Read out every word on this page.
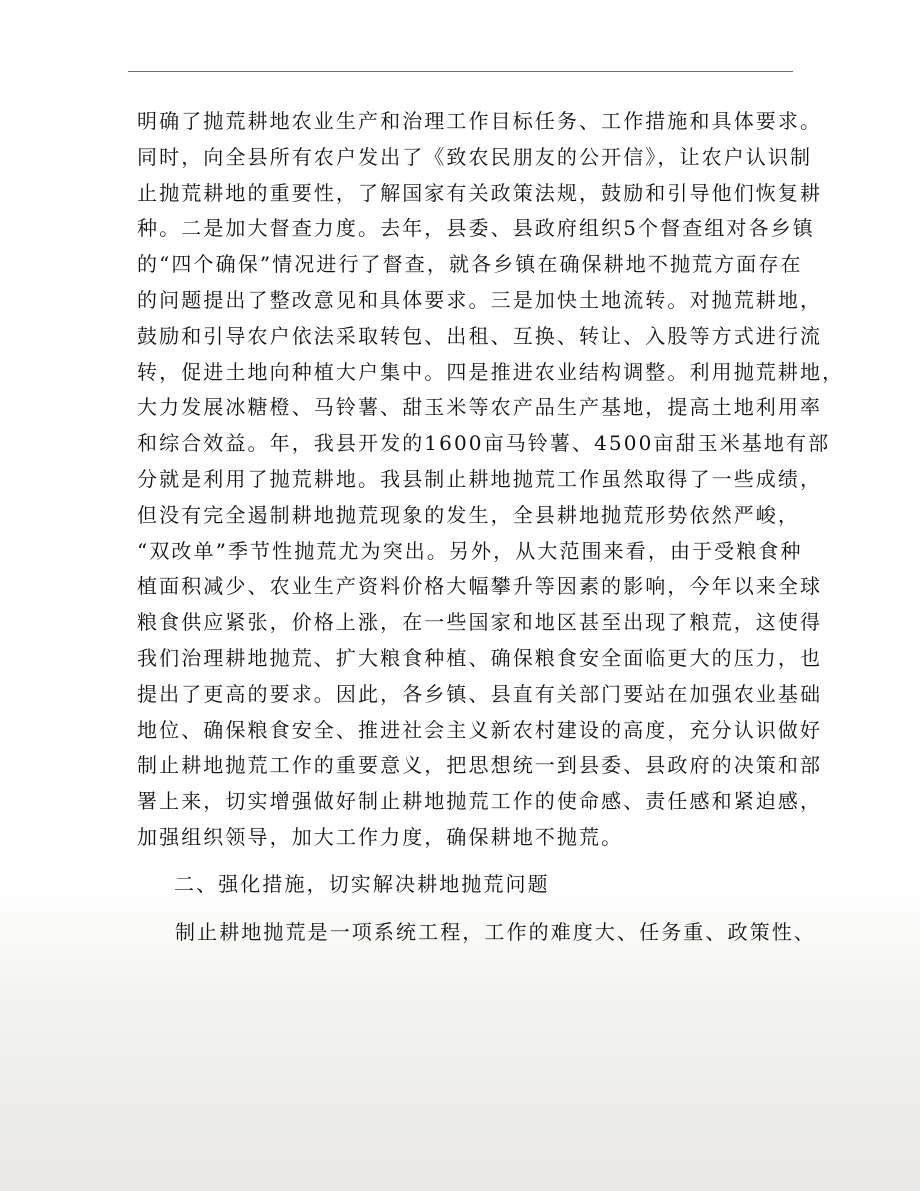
明确了抛荒耕地农业生产和治理工作目标任务、工作措施和具体要求。
同时，向全县所有农户发出了《致农民朋友的公开信》，让农户认识制
止抛荒耕地的重要性，了解国家有关政策法规，鼓励和引导他们恢复耕
种。二是加大督查力度。去年，县委、县政府组织5个督查组对各乡镇
的“四个确保”情况进行了督查，就各乡镇在确保耕地不抛荒方面存在
的问题提出了整改意见和具体要求。三是加快土地流转。对抛荒耕地，
鼓励和引导农户依法采取转包、出租、互换、转让、入股等方式进行流
转，促进土地向种植大户集中。四是推进农业结构调整。利用抛荒耕地，
大力发展冰糖橙、马铃薯、甜玉米等农产品生产基地，提高土地利用率
和综合效益。年，我县开发的1600亩马铃薯、4500亩甜玉米基地有部
分就是利用了抛荒耕地。我县制止耕地抛荒工作虽然取得了一些成绩，
但没有完全遏制耕地抛荒现象的发生，全县耕地抛荒形势依然严峻，
“双改单”季节性抛荒尤为突出。另外，从大范围来看，由于受粮食种
植面积减少、农业生产资料价格大幅攀升等因素的影响，今年以来全球
粮食供应紧张，价格上涨，在一些国家和地区甚至出现了粮荒，这使得
我们治理耕地抛荒、扩大粮食种植、确保粮食安全面临更大的压力，也
提出了更高的要求。因此，各乡镇、县直有关部门要站在加强农业基础
地位、确保粮食安全、推进社会主义新农村建设的高度，充分认识做好
制止耕地抛荒工作的重要意义，把思想统一到县委、县政府的决策和部
署上来，切实增强做好制止耕地抛荒工作的使命感、责任感和紧迫感，
加强组织领导，加大工作力度，确保耕地不抛荒。
二、强化措施，切实解决耕地抛荒问题
制止耕地抛荒是一项系统工程，工作的难度大、任务重、政策性、
